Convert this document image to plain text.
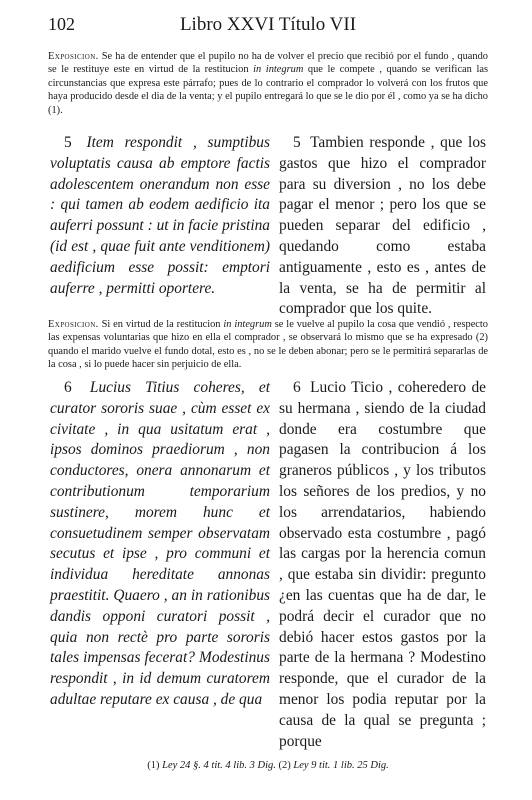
102	Libro XXVI Título VII
Exposicion. Se ha de entender que el pupilo no ha de volver el precio que recibió por el fundo , quando se le restituye este en virtud de la restitucion in integrum que le compete , quando se verifican las circunstancias que expresa este párrafo; pues de lo contrario el comprador lo volverá con los frutos que haya producido desde el dia de la venta; y el pupilo entregará lo que se le dio por él , como ya se ha dicho (1).
5 Item respondit , sumptibus voluptatis causa ab emptore factis adolescentem onerandum non esse : qui tamen ab eodem aedificio ita auferri possunt : ut in facie pristina (id est , quae fuit ante venditionem) aedificium esse possit: emptori auferre , permitti oportere.
5 Tambien responde , que los gastos que hizo el comprador para su diversion , no los debe pagar el menor ; pero los que se pueden separar del edificio , quedando como estaba antiguamente , esto es , antes de la venta, se ha de permitir al comprador que los quite.
Exposicion. Si en virtud de la restitucion in integrum se le vuelve al pupilo la cosa que vendió , respecto las expensas voluntarias que hizo en ella el comprador , se observará lo mismo que se ha expresado (2) quando el marido vuelve el fundo dotal, esto es , no se le deben abonar; pero se le permitirá separarlas de la cosa , si lo puede hacer sin perjuicio de ella.
6 Lucius Titius coheres, et curator sororis suae , cùm esset ex civitate , in qua usitatum erat , ipsos dominos praediorum , non conductores, onera annonarum et contributionum temporarium sustinere, morem hunc et consuetudinem semper observatam secutus et ipse , pro communi et individua hereditate annonas praestitit. Quaero , an in rationibus dandis opponi curatori possit , quia non rectè pro parte sororis tales impensas fecerat? Modestinus respondit , in id demum curatorem adultae reputare ex causa , de qua
6 Lucio Ticio , coheredero de su hermana , siendo de la ciudad donde era costumbre que pagasen la contribucion á los graneros públicos , y los tributos los señores de los predios, y no los arrendatarios, habiendo observado esta costumbre , pagó las cargas por la herencia comun , que estaba sin dividir: pregunto ¿en las cuentas que ha de dar, le podrá decir el curador que no debió hacer estos gastos por la parte de la hermana ? Modestino responde, que el curador de la menor los podia reputar por la causa de la qual se pregunta ; porque
(1) Ley 24 §. 4 tit. 4 lib. 3 Dig. (2) Ley 9 tit. 1 lib. 25 Dig.
